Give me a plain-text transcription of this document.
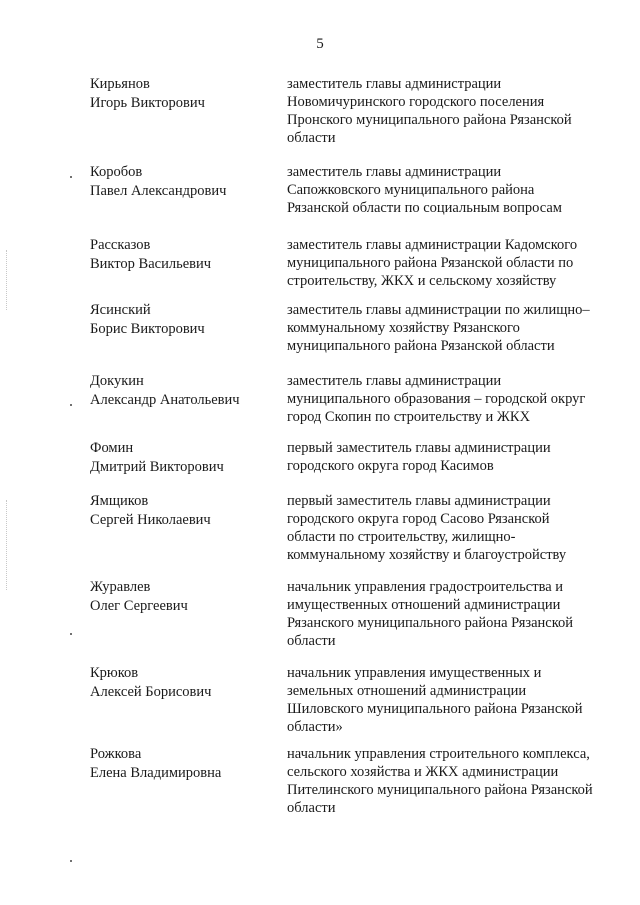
5
Кирьянов
Игорь Викторович
заместитель главы администрации
Новомичуринского городского поселения
Пронского муниципального района Рязанской
области
Коробов
Павел Александрович
заместитель главы администрации
Сапожковского муниципального района
Рязанской области по социальным вопросам
Рассказов
Виктор Васильевич
заместитель главы администрации Кадомского
муниципального района Рязанской области по
строительству, ЖКХ и сельскому хозяйству
Ясинский
Борис Викторович
заместитель главы администрации по жилищно–
коммунальному хозяйству Рязанского
муниципального района Рязанской области
Докукин
Александр Анатольевич
заместитель главы администрации
муниципального образования – городской округ
город Скопин по строительству и ЖКХ
Фомин
Дмитрий Викторович
первый заместитель главы администрации
городского округа город Касимов
Ямщиков
Сергей Николаевич
первый заместитель главы администрации
городского округа город Сасово Рязанской
области по строительству, жилищно-
коммунальному хозяйству и благоустройству
Журавлев
Олег Сергеевич
начальник управления градостроительства и
имущественных отношений администрации
Рязанского муниципального района Рязанской
области
Крюков
Алексей Борисович
начальник управления имущественных и
земельных отношений администрации
Шиловского муниципального района Рязанской
области»
Рожкова
Елена Владимировна
начальник управления строительного комплекса,
сельского хозяйства и ЖКХ администрации
Пителинского муниципального района Рязанской
области
